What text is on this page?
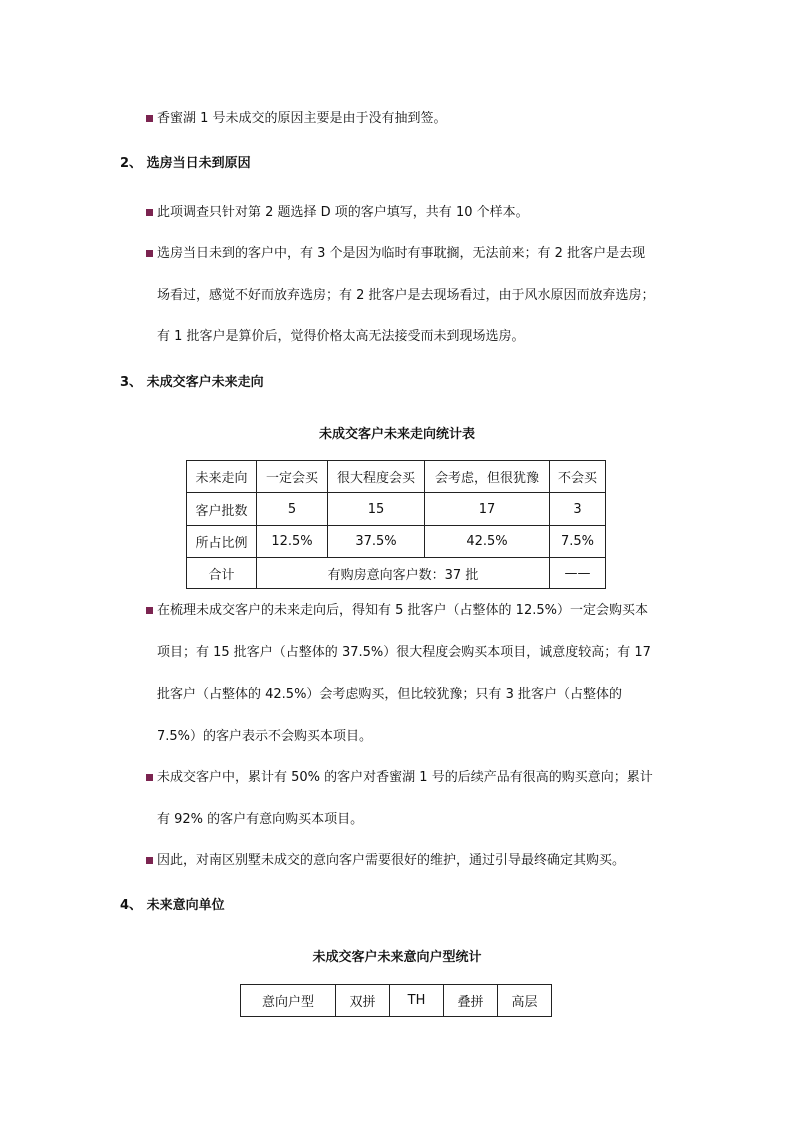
香蜜湖 1 号未成交的原因主要是由于没有抽到签。
2、 选房当日未到原因
此项调查只针对第 2 题选择 D 项的客户填写，共有 10 个样本。
选房当日未到的客户中，有 3 个是因为临时有事耽搁，无法前来；有 2 批客户是去现
场看过，感觉不好而放弃选房；有 2 批客户是去现场看过，由于风水原因而放弃选房；
有 1 批客户是算价后，觉得价格太高无法接受而未到现场选房。
3、 未成交客户未来走向
未成交客户未来走向统计表
未来走向	一定会买	很大程度会买	会考虑，但很犹豫	不会买
客户批数	5	15	17	3
所占比例	12.5%	37.5%	42.5%	7.5%
合计	有购房意向客户数：37 批			——
在梳理未成交客户的未来走向后，得知有 5 批客户（占整体的 12.5%）一定会购买本
项目；有 15 批客户（占整体的 37.5%）很大程度会购买本项目，诚意度较高；有 17
批客户（占整体的 42.5%）会考虑购买，但比较犹豫；只有 3 批客户（占整体的
7.5%）的客户表示不会购买本项目。
未成交客户中，累计有 50% 的客户对香蜜湖 1 号的后续产品有很高的购买意向；累计
有 92% 的客户有意向购买本项目。
因此，对南区别墅未成交的意向客户需要很好的维护，通过引导最终确定其购买。
4、 未来意向单位
未成交客户未来意向户型统计
意向户型	双拼	TH	叠拼	高层
